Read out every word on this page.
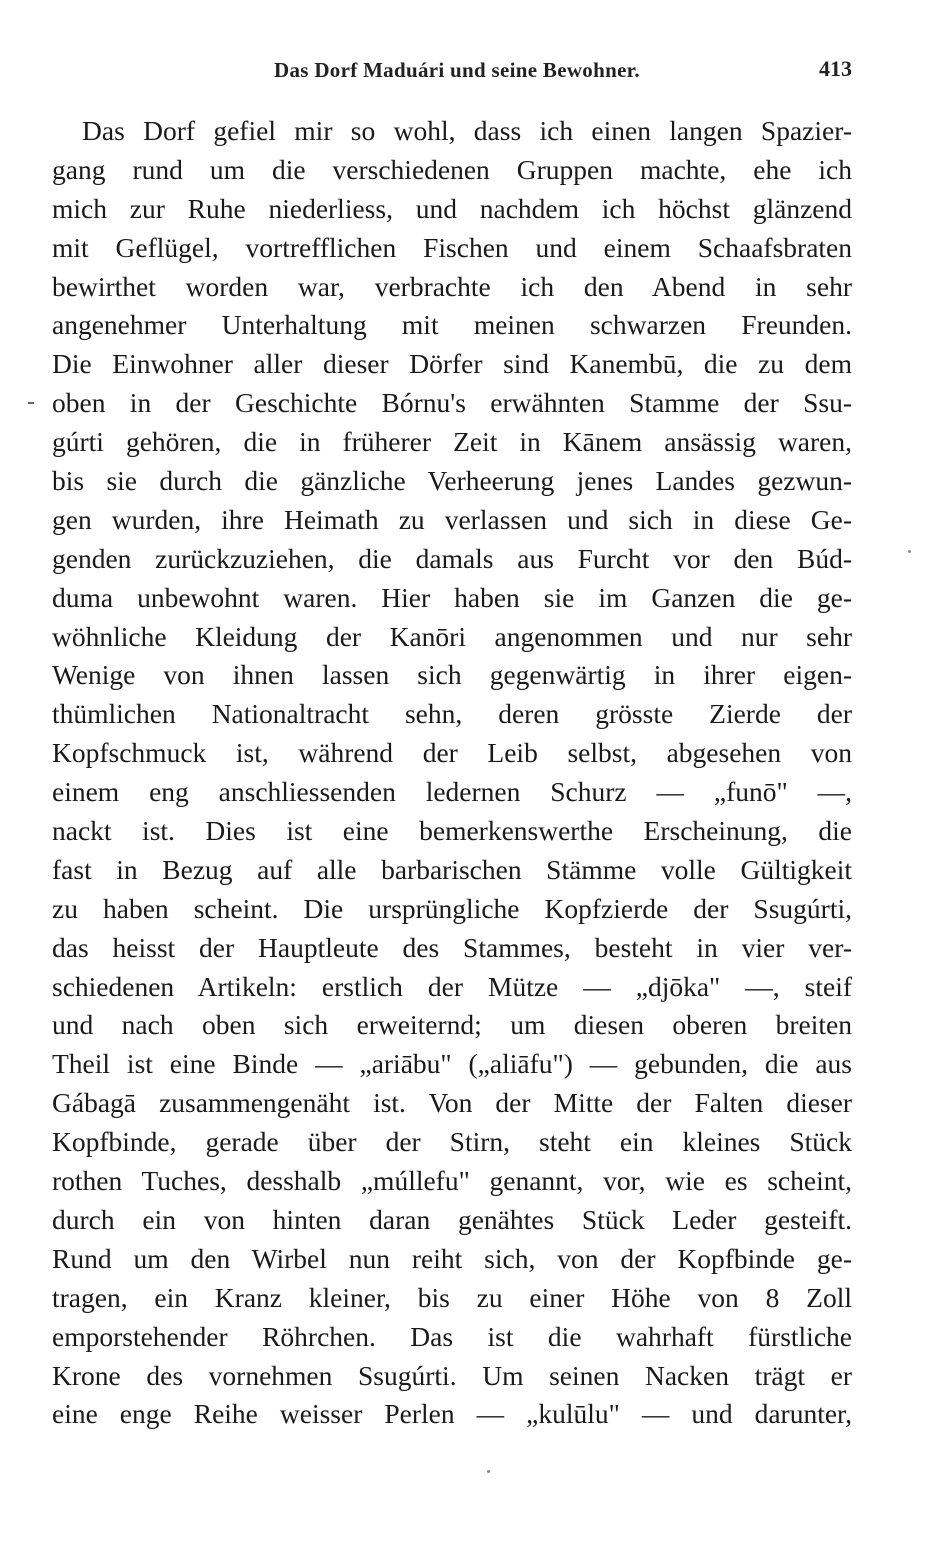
Das Dorf Maduári und seine Bewohner.	413
Das Dorf gefiel mir so wohl, dass ich einen langen Spazier-
gang rund um die verschiedenen Gruppen machte, ehe ich
mich zur Ruhe niederliess, und nachdem ich höchst glänzend
mit Geflügel, vortrefflichen Fischen und einem Schaafsbraten
bewirthet worden war, verbrachte ich den Abend in sehr
angenehmer Unterhaltung mit meinen schwarzen Freunden.
Die Einwohner aller dieser Dörfer sind Kanembū, die zu dem
oben in der Geschichte Bórnu's erwähnten Stamme der Ssu-
gúrti gehören, die in früherer Zeit in Kānem ansässig waren,
bis sie durch die gänzliche Verheerung jenes Landes gezwun-
gen wurden, ihre Heimath zu verlassen und sich in diese Ge-
genden zurückzuziehen, die damals aus Furcht vor den Búd-
duma unbewohnt waren. Hier haben sie im Ganzen die ge-
wöhnliche Kleidung der Kanōri angenommen und nur sehr
Wenige von ihnen lassen sich gegenwärtig in ihrer eigen-
thümlichen Nationaltracht sehn, deren grösste Zierde der
Kopfschmuck ist, während der Leib selbst, abgesehen von
einem eng anschliessenden ledernen Schurz — „funō" —,
nackt ist. Dies ist eine bemerkenswerthe Erscheinung, die
fast in Bezug auf alle barbarischen Stämme volle Gültigkeit
zu haben scheint. Die ursprüngliche Kopfzierde der Ssugúrti,
das heisst der Hauptleute des Stammes, besteht in vier ver-
schiedenen Artikeln: erstlich der Mütze — „djōka" —, steif
und nach oben sich erweiternd; um diesen oberen breiten
Theil ist eine Binde — „ariābu" („aliāfu") — gebunden, die aus
Gábagā zusammengenäht ist. Von der Mitte der Falten dieser
Kopfbinde, gerade über der Stirn, steht ein kleines Stück
rothen Tuches, desshalb „múllefu" genannt, vor, wie es scheint,
durch ein von hinten daran genähtes Stück Leder gesteift.
Rund um den Wirbel nun reiht sich, von der Kopfbinde ge-
tragen, ein Kranz kleiner, bis zu einer Höhe von 8 Zoll
emporstehender Röhrchen. Das ist die wahrhaft fürstliche
Krone des vornehmen Ssugúrti. Um seinen Nacken trägt er
eine enge Reihe weisser Perlen — „kulūlu" — und darunter,
